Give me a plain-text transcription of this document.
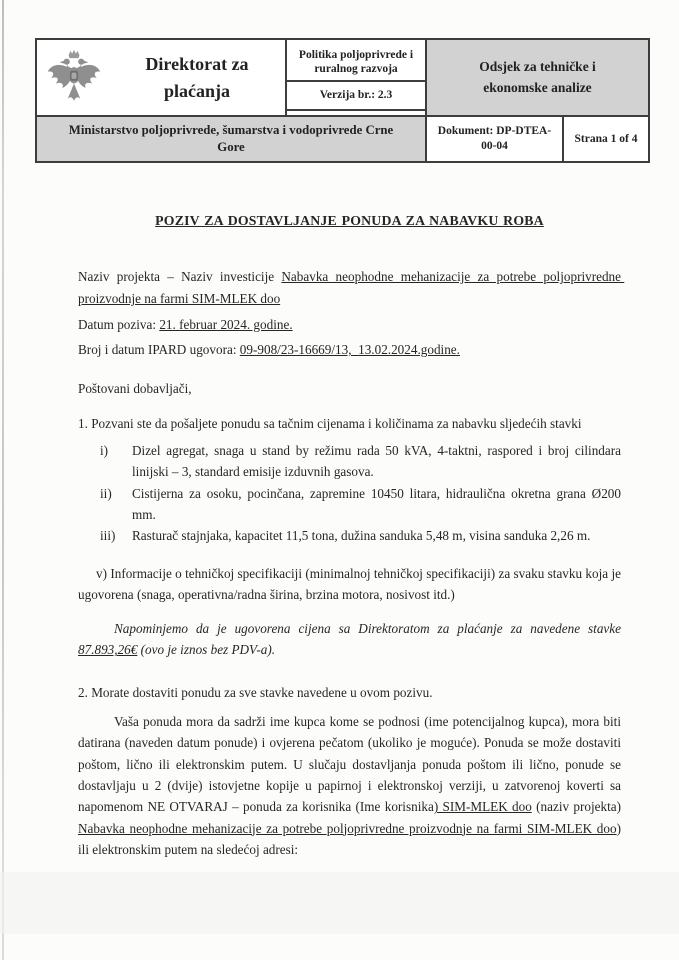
Direktorat za plaćanja
Politika poljoprivrede i ruralnog razvoja
Verzija br.: 2.3
Odsjek za tehničke i ekonomske analize
Ministarstvo poljoprivrede, šumarstva i vodoprivrede Crne Gore
Dokument: DP-DTEA-00-04
Strana 1 of 4
POZIV ZA DOSTAVLJANJE PONUDA ZA NABAVKU ROBA

Naziv projekta – Naziv investicije Nabavka neophodne mehanizacije za potrebe poljoprivredne proizvodnje na farmi SIM-MLEK doo

Datum poziva: 21. februar 2024. godine.

Broj i datum IPARD ugovora: 09-908/23-16669/13,  13.02.2024.godine.

Poštovani dobavljači,

1. Pozvani ste da pošaljete ponudu sa tačnim cijenama i količinama za nabavku sljedećih stavki

i)	Dizel agregat, snaga u stand by režimu rada 50 kVA, 4-taktni, raspored i broj cilindara linijski – 3, standard emisije izduvnih gasova.
ii)	Cistijerna za osoku, pocinčana, zapremine 10450 litara, hidraulična okretna grana Ø200 mm.
iii)	Rasturač stajnjaka, kapacitet 11,5 tona, dužina sanduka 5,48 m, visina sanduka 2,26 m.

v) Informacije o tehničkoj specifikaciji (minimalnoj tehničkoj specifikaciji) za svaku stavku koja je ugovorena (snaga, operativna/radna širina, brzina motora, nosivost itd.)

Napominjemo da je ugovorena cijena sa Direktoratom za plaćanje za navedene stavke 87.893,26€ (ovo je iznos bez PDV-a).

2. Morate dostaviti ponudu za sve stavke navedene u ovom pozivu.

Vaša ponuda mora da sadrži ime kupca kome se podnosi (ime potencijalnog kupca), mora biti datirana (naveden datum ponude) i ovjerena pečatom (ukoliko je moguće). Ponuda se može dostaviti poštom, lično ili elektronskim putem. U slučaju dostavljanja ponuda poštom ili lično, ponude se dostavljaju u 2 (dvije) istovjetne kopije u papirnoj i elektronskoj verziji, u zatvorenoj koverti sa napomenom NE OTVARAJ – ponuda za korisnika (Ime korisnika) SIM-MLEK doo (naziv projekta) Nabavka neophodne mehanizacije za potrebe poljoprivredne proizvodnje na farmi SIM-MLEK doo) ili elektronskim putem na sledećoj adresi:
